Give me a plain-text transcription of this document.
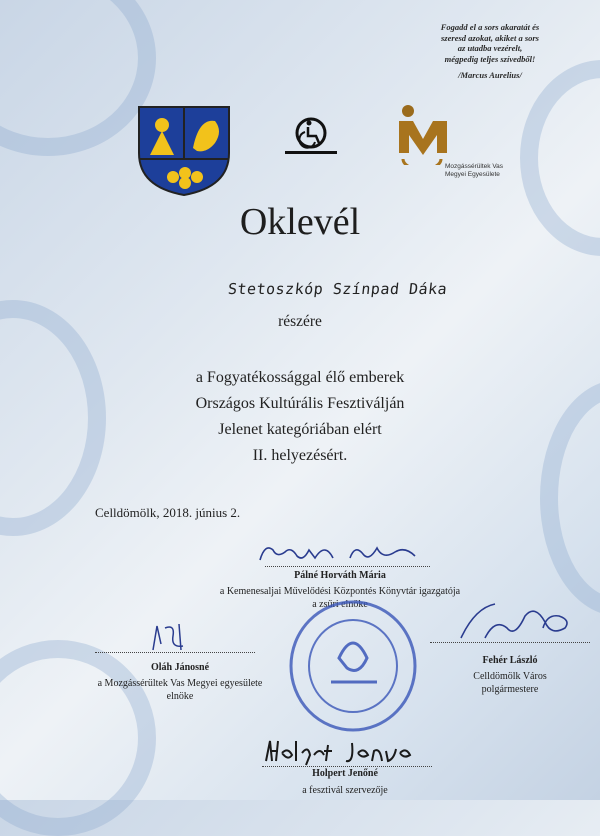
Fogadd el a sors akaratát és
szeresd azokat, akiket a sors
az utadba vezérelt,
mégpedig teljes szívedből!
/Marcus Aurelius/
Mozgássérültek Vas
Megyei Egyesülete
Oklevél
Stetoszkóp Színpad Dáka
részére
a Fogyatékossággal élő emberek
Országos Kultúrális Fesztiválján
Jelenet kategóriában elért
II. helyezésért.
Celldömölk, 2018. június 2.
Pálné Horváth Mária
a Kemenesaljai Művelődési Központés Könyvtár igazgatója
a zsűri elnöke
Oláh Jánosné
a Mozgássérültek Vas Megyei egyesülete
elnöke
Fehér László
Celldömölk Város
polgármestere
Holpert Jenőné
a fesztivál szervezője
